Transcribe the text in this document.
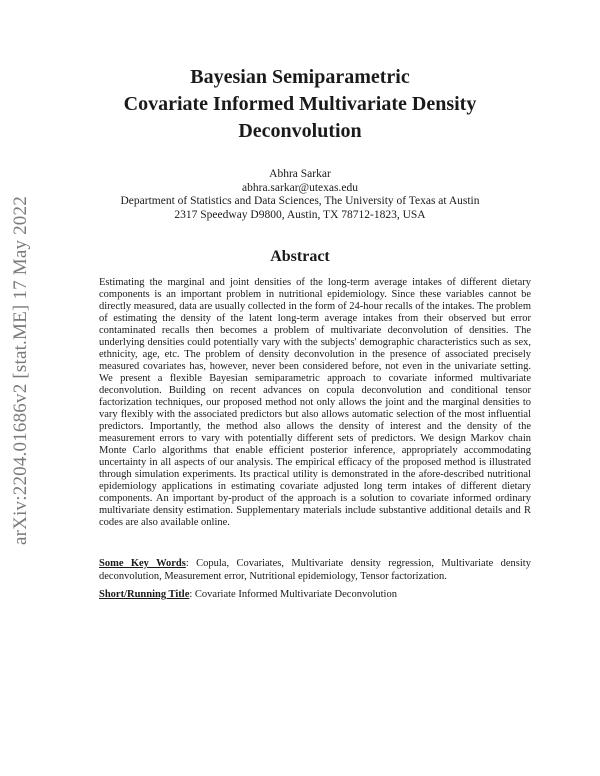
arXiv:2204.01686v2 [stat.ME] 17 May 2022
Bayesian Semiparametric
Covariate Informed Multivariate Density
Deconvolution
Abhra Sarkar
abhra.sarkar@utexas.edu
Department of Statistics and Data Sciences, The University of Texas at Austin
2317 Speedway D9800, Austin, TX 78712-1823, USA
Abstract
Estimating the marginal and joint densities of the long-term average intakes of different dietary components is an important problem in nutritional epidemiology. Since these variables cannot be directly measured, data are usually collected in the form of 24-hour recalls of the intakes. The problem of estimating the density of the latent long-term average intakes from their observed but error contaminated recalls then becomes a problem of multivariate deconvolution of densities. The underlying densities could potentially vary with the subjects' demographic characteristics such as sex, ethnicity, age, etc. The problem of density deconvolution in the presence of associated precisely measured covariates has, however, never been considered before, not even in the univariate setting. We present a flexible Bayesian semiparametric approach to covariate informed multivariate deconvolution. Building on recent advances on copula deconvolution and conditional tensor factorization techniques, our proposed method not only allows the joint and the marginal densities to vary flexibly with the associated predictors but also allows automatic selection of the most influential predictors. Importantly, the method also allows the density of interest and the density of the measurement errors to vary with potentially different sets of predictors. We design Markov chain Monte Carlo algorithms that enable efficient posterior inference, appropriately accommodating uncertainty in all aspects of our analysis. The empirical efficacy of the proposed method is illustrated through simulation experiments. Its practical utility is demonstrated in the afore-described nutritional epidemiology applications in estimating covariate adjusted long term intakes of different dietary components. An important by-product of the approach is a solution to covariate informed ordinary multivariate density estimation. Supplementary materials include substantive additional details and R codes are also available online.
Some Key Words: Copula, Covariates, Multivariate density regression, Multivariate density deconvolution, Measurement error, Nutritional epidemiology, Tensor factorization.
Short/Running Title: Covariate Informed Multivariate Deconvolution
